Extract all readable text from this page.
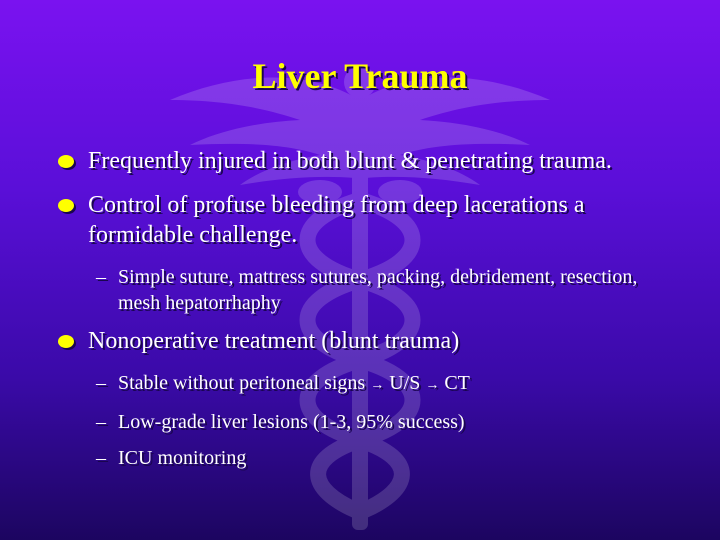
Liver Trauma
Frequently injured in both blunt & penetrating trauma.
Control of profuse bleeding from deep lacerations a formidable challenge.
– Simple suture, mattress sutures, packing, debridement, resection, mesh hepatorrhaphy
Nonoperative treatment (blunt trauma)
– Stable without peritoneal signs → U/S → CT
– Low-grade liver lesions (1-3, 95% success)
– ICU monitoring
